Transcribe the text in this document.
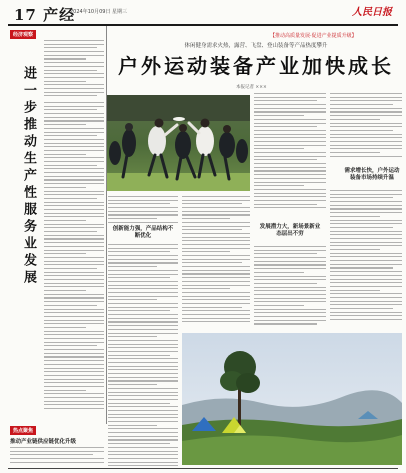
17 产经
2024年10月09日 星期三	人民日报
经济观察
进一步推动生产性服务业发展
热点聚焦
推动产业链供应链优化升级
【推动高质量发展·促进产业提质升级】
体闲健身需求火热，露营、飞盘、登山装备等产品热度攀升
户外运动装备产业加快成长
本报记者 ×××
需求增长快，户外运动装备市场持续升温
发展潜力大，新场景新业态层出不穷
创新能力强，产品结构不断优化
